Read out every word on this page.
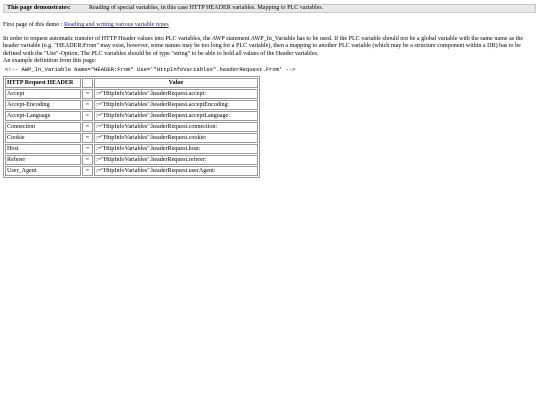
This page demonstrates:	Reading of special variables, in this case HTTP HEADER variables. Mapping to PLC variables.
First page of this demo : Reading and writing various variable types
In order to request automatic transfer of HTTP Header values into PLC variables, the AWP statement AWP_In_Variable has to be used. If the PLC variable should not be a global variable with the same name as the header variable (e.g. "HEADER:From" may exist, however, some names may be too long for a PLC variable), then a mapping to another PLC variable (which may be a structure component within a DB) has to be defined with the "Use"-Option. The PLC variables should be of type "string" to be able to hold all values of the Header variables.
An example definition from this page:
<!-- AWP_In_Variable Name="HEADER:From" Use='"HttpInfoVariables".headerRequest.From' -->
HTTP Request HEADER		Value
Accept	=	:="HttpInfoVariables".headerRequest.accept:
Accept-Encoding	=	:="HttpInfoVariables".headerRequest.acceptEncoding:
Accept-Language	=	:="HttpInfoVariables".headerRequest.acceptLanguage:
Connection	=	:="HttpInfoVariables".headerRequest.connection:
Cookie	=	:="HttpInfoVariables".headerRequest.cookie:
Host	=	:="HttpInfoVariables".headerRequest.host:
Referer	=	:="HttpInfoVariables".headerRequest.referer:
User_Agent	=	:="HttpInfoVariables".headerRequest.userAgent:
